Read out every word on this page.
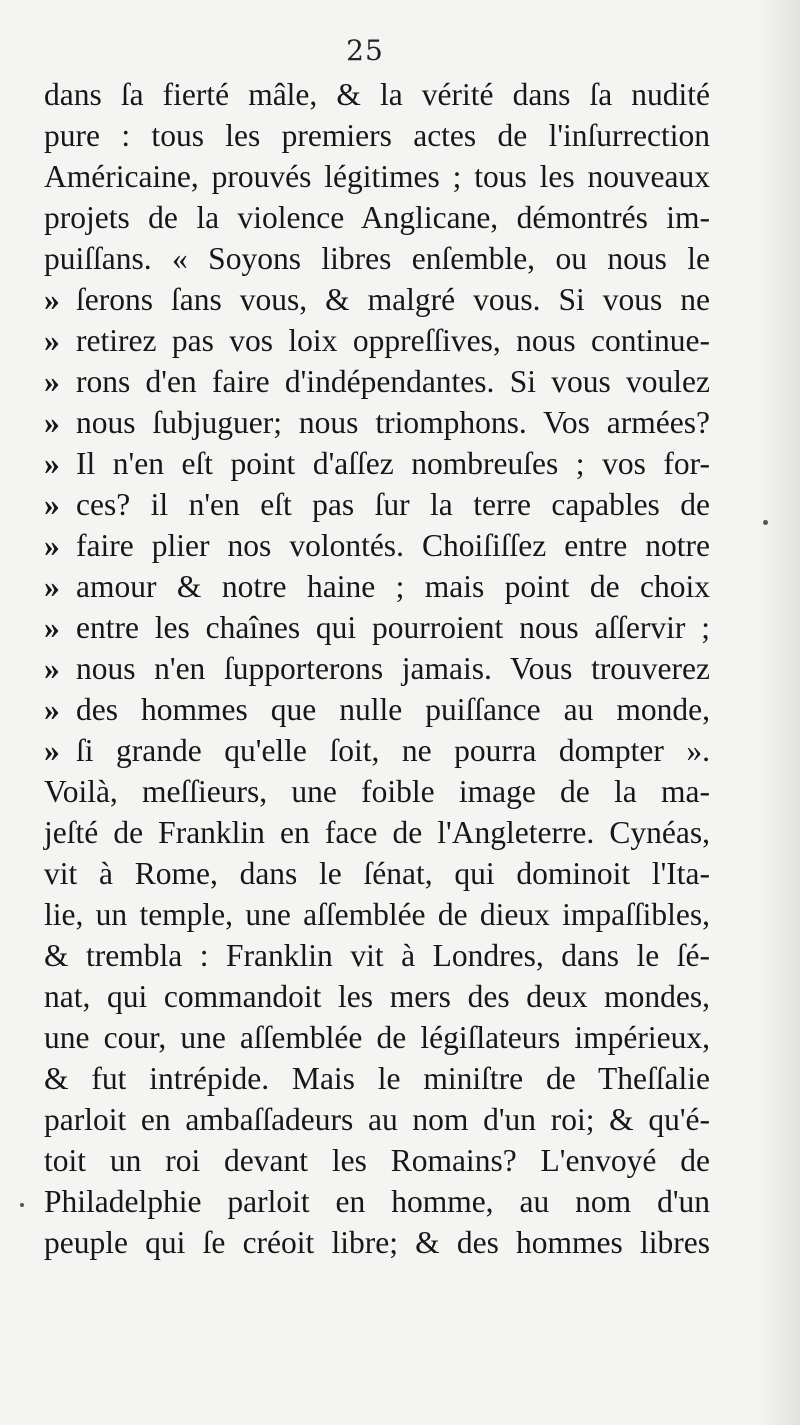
25
dans ſa fierté mâle, & la vérité dans ſa nudité
pure : tous les premiers actes de l'inſurrection
Américaine, prouvés légitimes ; tous les nouveaux
projets de la violence Anglicane, démontrés im-
puiſſans. « Soyons libres enſemble, ou nous le
» ſerons ſans vous, & malgré vous. Si vous ne
» retirez pas vos loix oppreſſives, nous continue-
» rons d'en faire d'indépendantes. Si vous voulez
» nous ſubjuguer; nous triomphons. Vos armées?
» Il n'en eſt point d'aſſez nombreuſes ; vos for-
» ces? il n'en eſt pas ſur la terre capables de
» faire plier nos volontés. Choiſiſſez entre notre
» amour & notre haine ; mais point de choix
» entre les chaînes qui pourroient nous aſſervir ;
» nous n'en ſupporterons jamais. Vous trouverez
» des hommes que nulle puiſſance au monde,
» ſi grande qu'elle ſoit, ne pourra dompter ».
Voilà, meſſieurs, une foible image de la ma-
jeſté de Franklin en face de l'Angleterre. Cynéas,
vit à Rome, dans le ſénat, qui dominoit l'Ita-
lie, un temple, une aſſemblée de dieux impaſſibles,
& trembla : Franklin vit à Londres, dans le ſé-
nat, qui commandoit les mers des deux mondes,
une cour, une aſſemblée de légiſlateurs impérieux,
& fut intrépide. Mais le miniſtre de Theſſalie
parloit en ambaſſadeurs au nom d'un roi; & qu'é-
toit un roi devant les Romains? L'envoyé de
Philadelphie parloit en homme, au nom d'un
peuple qui ſe créoit libre; & des hommes libres
